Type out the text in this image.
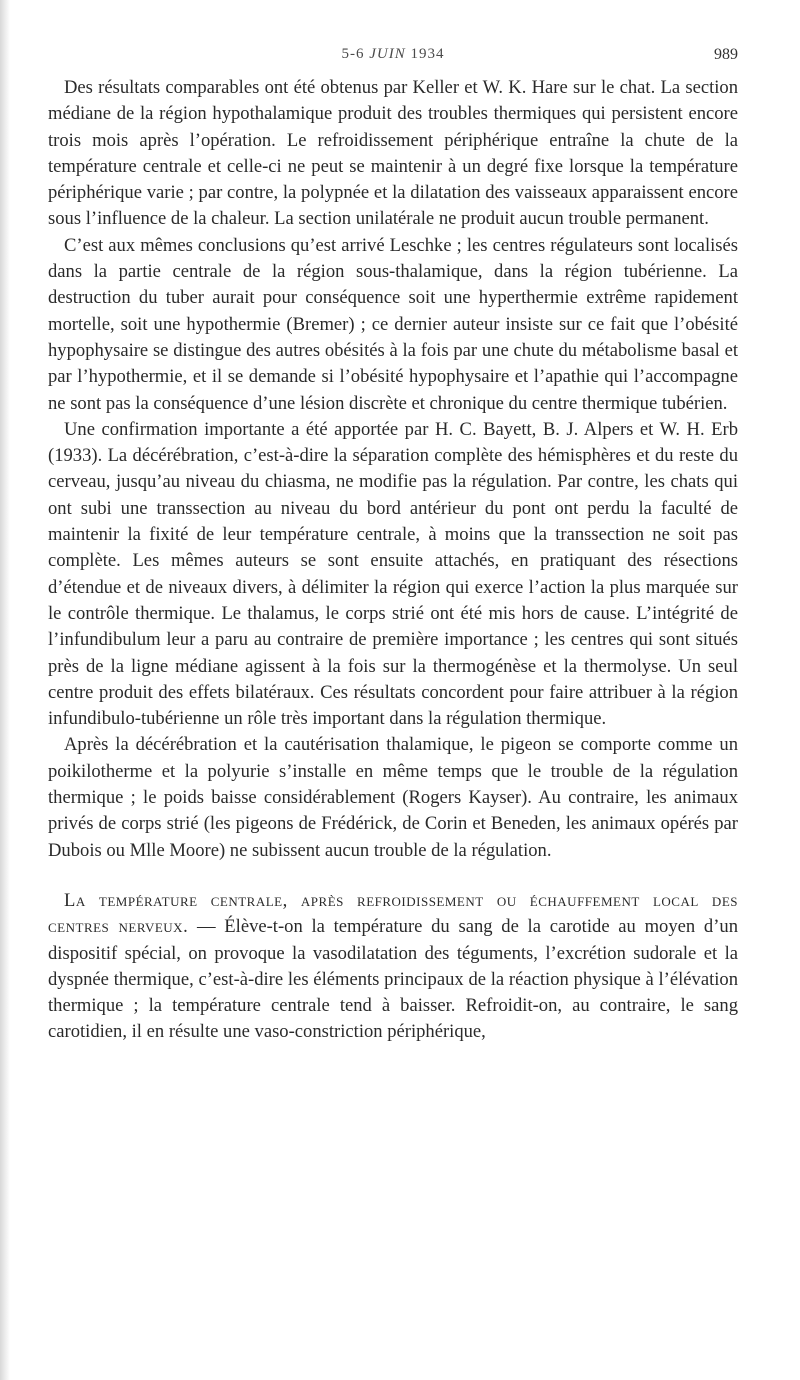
5-6 JUIN 1934	989

Des résultats comparables ont été obtenus par Keller et W. K. Hare sur le chat. La section médiane de la région hypothalamique produit des troubles thermiques qui persistent encore trois mois après l’opération. Le refroidissement périphérique entraîne la chute de la température centrale et celle-ci ne peut se maintenir à un degré fixe lorsque la température périphérique varie ; par contre, la polypnée et la dilatation des vaisseaux apparaissent encore sous l’influence de la chaleur. La section unilatérale ne produit aucun trouble permanent.

C’est aux mêmes conclusions qu’est arrivé Leschke ; les centres régulateurs sont localisés dans la partie centrale de la région sous-thalamique, dans la région tubérienne. La destruction du tuber aurait pour conséquence soit une hyperthermie extrême rapidement mortelle, soit une hypothermie (Bremer) ; ce dernier auteur insiste sur ce fait que l’obésité hypophysaire se distingue des autres obésités à la fois par une chute du métabolisme basal et par l’hypothermie, et il se demande si l’obésité hypophysaire et l’apathie qui l’accompagne ne sont pas la conséquence d’une lésion discrète et chronique du centre thermique tubérien.

Une confirmation importante a été apportée par H. C. Bayett, B. J. Alpers et W. H. Erb (1933). La décérébration, c’est-à-dire la séparation complète des hémisphères et du reste du cerveau, jusqu’au niveau du chiasma, ne modifie pas la régulation. Par contre, les chats qui ont subi une transsection au niveau du bord antérieur du pont ont perdu la faculté de maintenir la fixité de leur température centrale, à moins que la transsection ne soit pas complète. Les mêmes auteurs se sont ensuite attachés, en pratiquant des résections d’étendue et de niveaux divers, à délimiter la région qui exerce l’action la plus marquée sur le contrôle thermique. Le thalamus, le corps strié ont été mis hors de cause. L’intégrité de l’infundibulum leur a paru au contraire de première importance ; les centres qui sont situés près de la ligne médiane agissent à la fois sur la thermogénèse et la thermolyse. Un seul centre produit des effets bilatéraux. Ces résultats concordent pour faire attribuer à la région infundibulo-tubérienne un rôle très important dans la régulation thermique.

Après la décérébration et la cautérisation thalamique, le pigeon se comporte comme un poikilotherme et la polyurie s’installe en même temps que le trouble de la régulation thermique ; le poids baisse considérablement (Rogers Kayser). Au contraire, les animaux privés de corps strié (les pigeons de Frédérick, de Corin et Beneden, les animaux opérés par Dubois ou Mlle Moore) ne subissent aucun trouble de la régulation.

La température centrale, après refroidissement ou échauffement local des centres nerveux. — Élève-t-on la température du sang de la carotide au moyen d’un dispositif spécial, on provoque la vasodilatation des téguments, l’excrétion sudorale et la dyspnée thermique, c’est-à-dire les éléments principaux de la réaction physique à l’élévation thermique ; la température centrale tend à baisser. Refroidit-on, au contraire, le sang carotidien, il en résulte une vaso-constriction périphérique,
